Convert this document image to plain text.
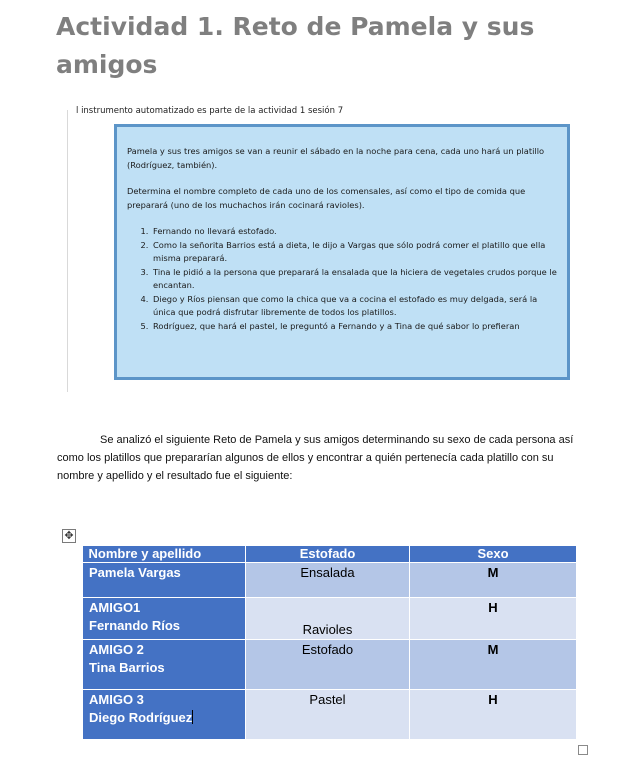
Actividad 1. Reto de Pamela y sus amigos
l instrumento automatizado es parte de la actividad 1 sesión 7

Pamela y sus tres amigos se van a reunir el sábado en la noche para cena, cada uno hará un platillo (Rodríguez, también).

Determina el nombre completo de cada uno de los comensales, así como el tipo de comida que preparará (uno de los muchachos irán cocinará ravioles).

1. Fernando no llevará estofado.
2. Como la señorita Barrios está a dieta, le dijo a Vargas que sólo podrá comer el platillo que ella misma preparará.
3. Tina le pidió a la persona que preparará la ensalada que la hiciera de vegetales crudos porque le encantan.
4. Diego y Ríos piensan que como la chica que va a cocina el estofado es muy delgada, será la única que podrá disfrutar libremente de todos los platillos.
5. Rodríguez, que hará el pastel, le preguntó a Fernando y a Tina de qué sabor lo prefieran

Se analizó el siguiente Reto de Pamela y sus amigos determinando su sexo de cada persona así como los platillos que prepararían algunos de ellos y encontrar a quién pertenecía cada platillo con su nombre y apellido y el resultado fue el siguiente:

✥
Nombre y apellido	Estofado	Sexo
Pamela Vargas	Ensalada	M

AMIGO1
Fernando Ríos	Ravioles	H

AMIGO 2
Tina Barrios	Estofado	M

AMIGO 3
Diego Rodríguez	Pastel	H
